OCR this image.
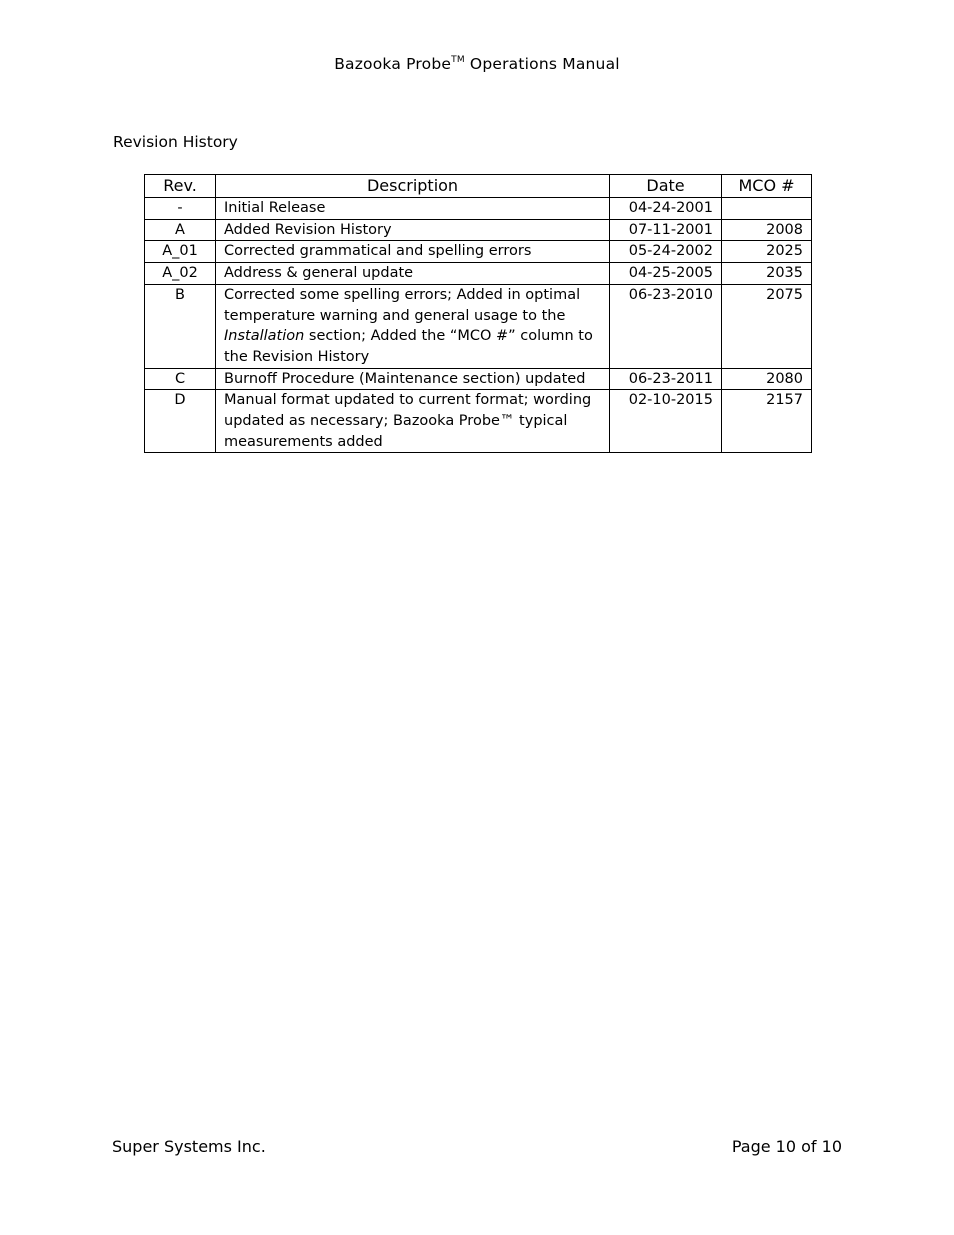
Bazooka Probe™ Operations Manual
Revision History
Rev.	Description	Date	MCO #
-	Initial Release	04-24-2001	
A	Added Revision History	07-11-2001	2008
A_01	Corrected grammatical and spelling errors	05-24-2002	2025
A_02	Address & general update	04-25-2005	2035
B	Corrected some spelling errors; Added in optimal temperature warning and general usage to the Installation section; Added the “MCO #” column to the Revision History	06-23-2010	2075
C	Burnoff Procedure (Maintenance section) updated	06-23-2011	2080
D	Manual format updated to current format; wording updated as necessary; Bazooka Probe™ typical measurements added	02-10-2015	2157
Super Systems Inc.	Page 10 of 10
